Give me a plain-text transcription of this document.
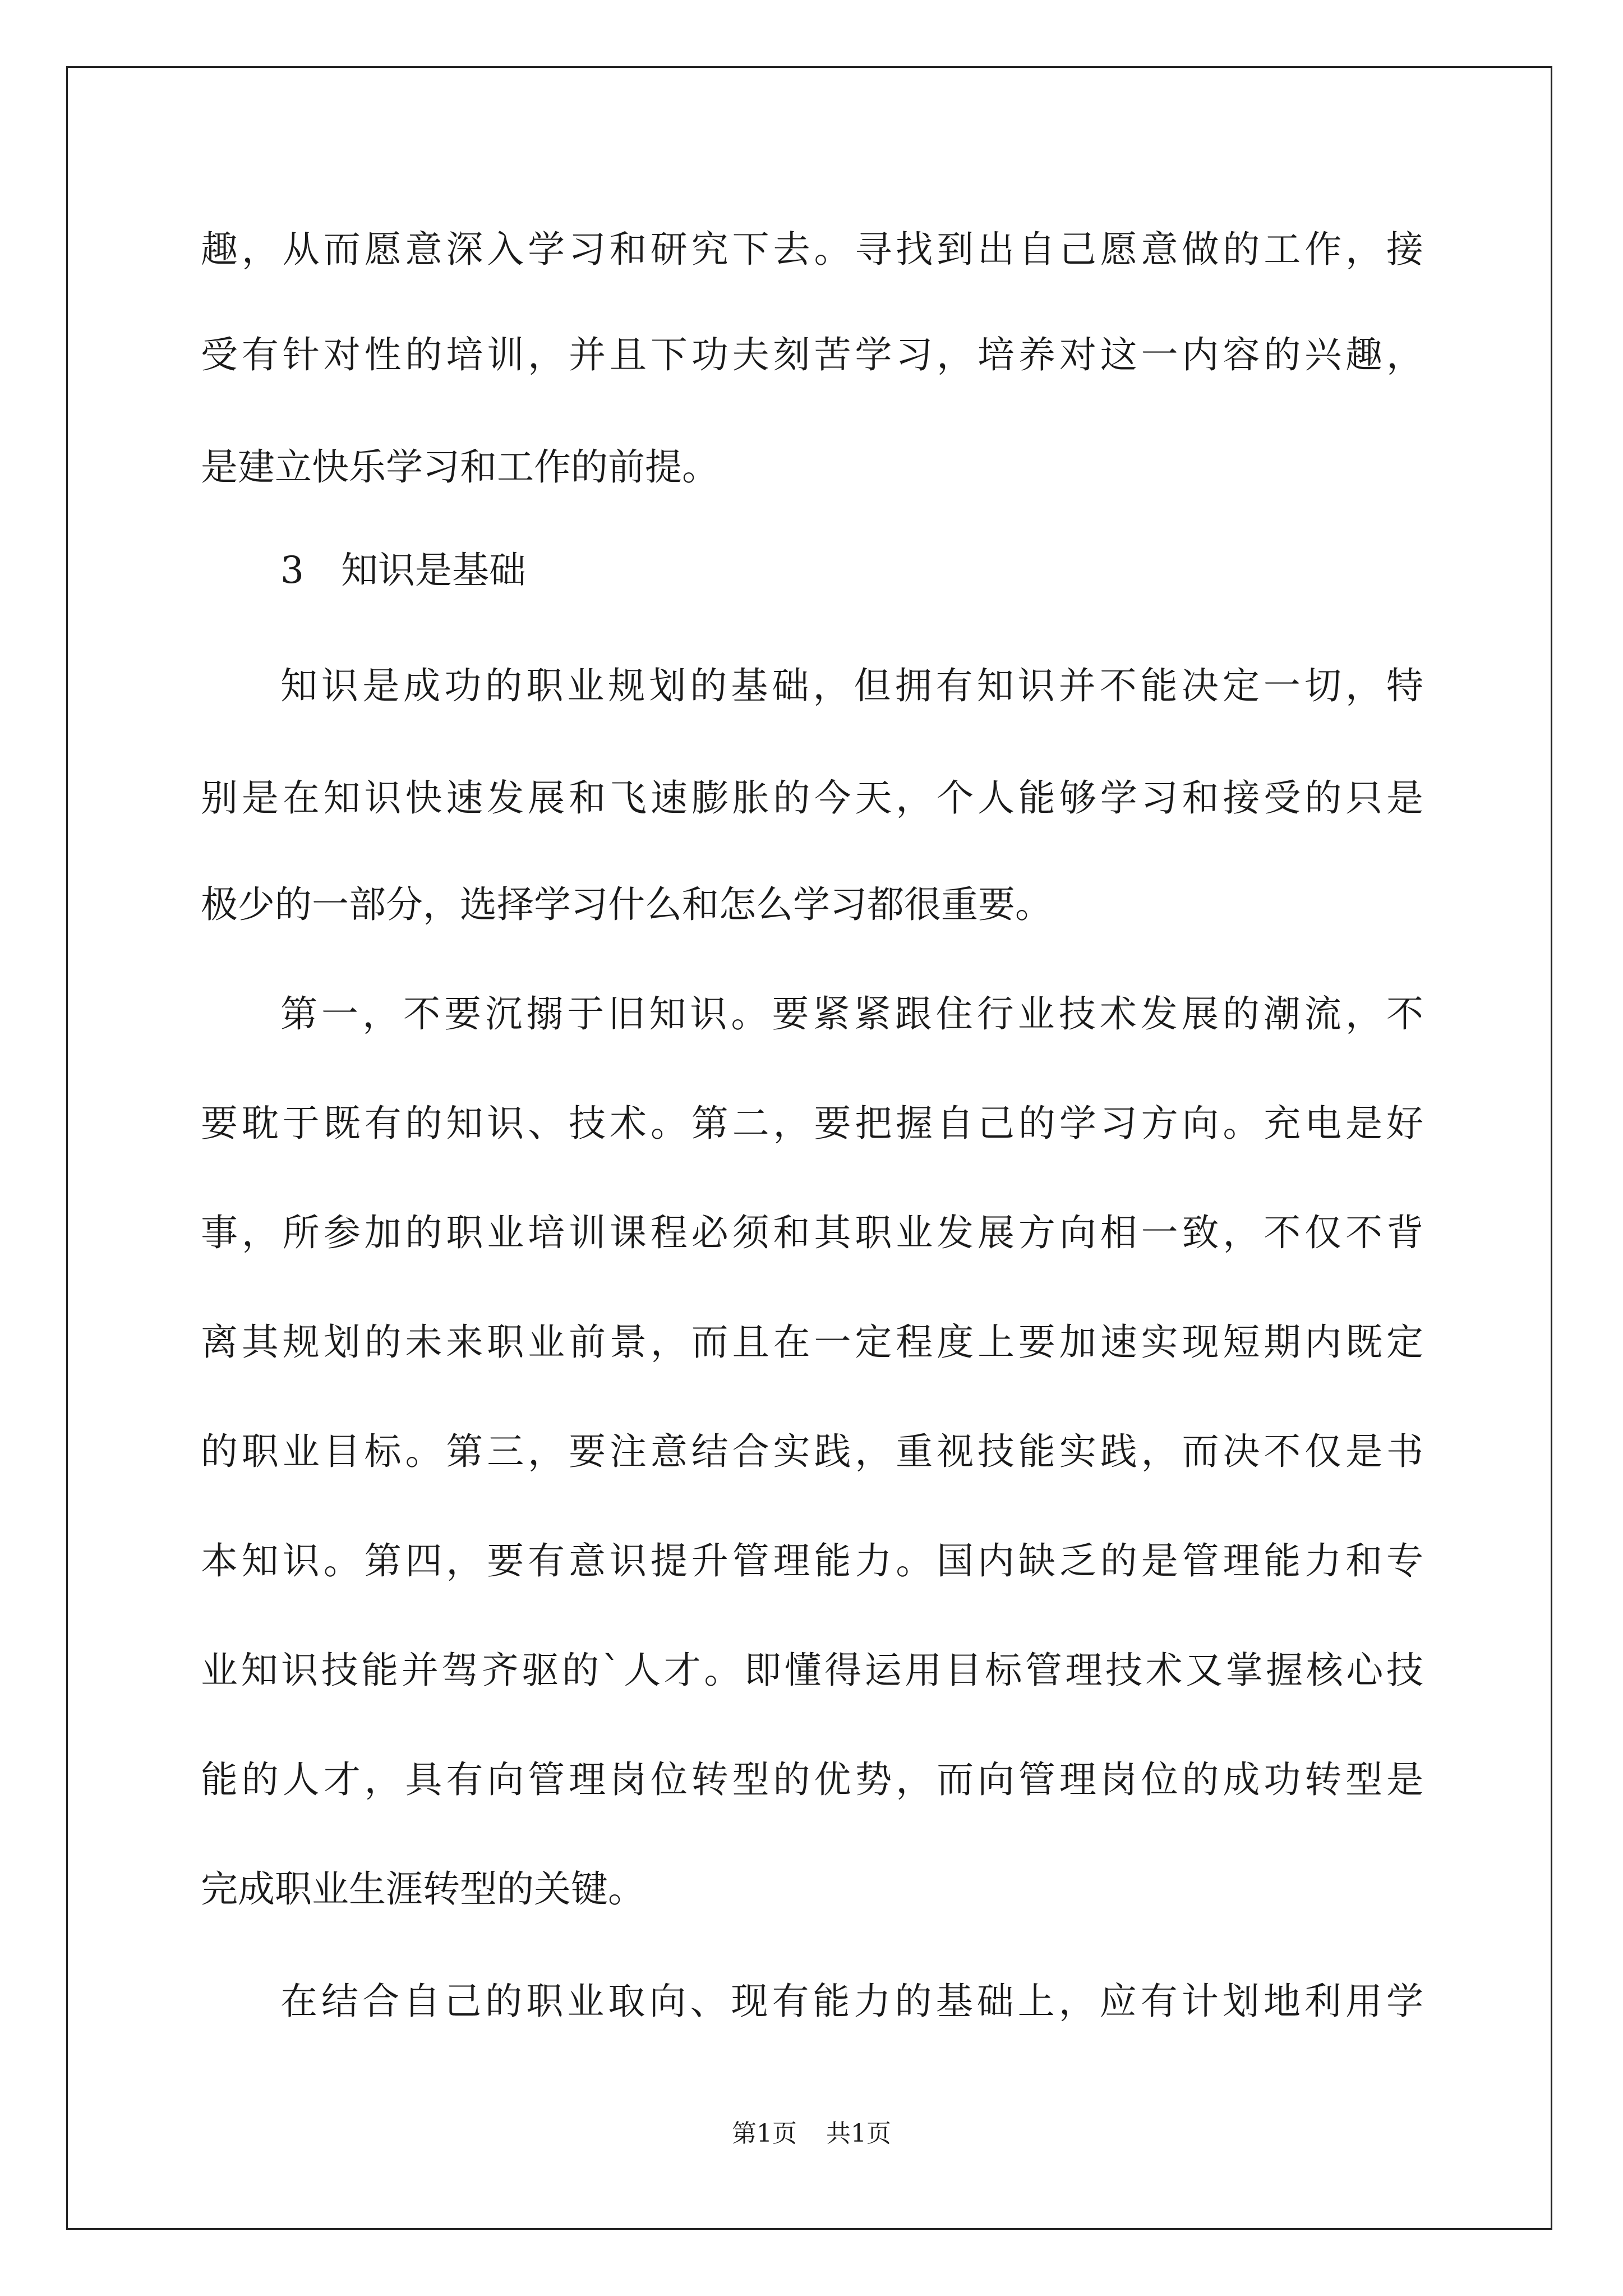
趣，从而愿意深入学习和研究下去。寻找到出自己愿意做的工作，接
受有针对性的培训，并且下功夫刻苦学习，培养对这一内容的兴趣，
是建立快乐学习和工作的前提。
3　知识是基础
知识是成功的职业规划的基础，但拥有知识并不能决定一切，特
别是在知识快速发展和飞速膨胀的今天，个人能够学习和接受的只是
极少的一部分，选择学习什么和怎么学习都很重要。
第一，不要沉搦于旧知识。要紧紧跟住行业技术发展的潮流，不
要耽于既有的知识、技术。第二，要把握自己的学习方向。充电是好
事，所参加的职业培训课程必须和其职业发展方向相一致，不仅不背
离其规划的未来职业前景，而且在一定程度上要加速实现短期内既定
的职业目标。第三，要注意结合实践，重视技能实践，而决不仅是书
本知识。第四，要有意识提升管理能力。国内缺乏的是管理能力和专
业知识技能并驾齐驱的`人才。即懂得运用目标管理技术又掌握核心技
能的人才，具有向管理岗位转型的优势，而向管理岗位的成功转型是
完成职业生涯转型的关键。
在结合自己的职业取向、现有能力的基础上，应有计划地利用学
第1页 共1页
